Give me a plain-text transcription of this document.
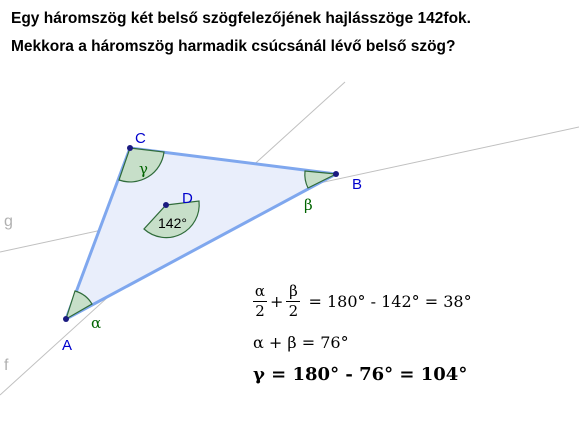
Egy háromszög két belső szögfelezőjének hajlásszöge 142fok.
Mekkora a háromszög harmadik csúcsánál lévő belső szög?
A
B
C
D
g
f
γ
β
α
142°
$\frac{\alpha}{2} + \frac{\beta}{2} = 180^\circ - 142^\circ = 38^\circ$
α + β = 76°
γ = 180° - 76° = 104°
